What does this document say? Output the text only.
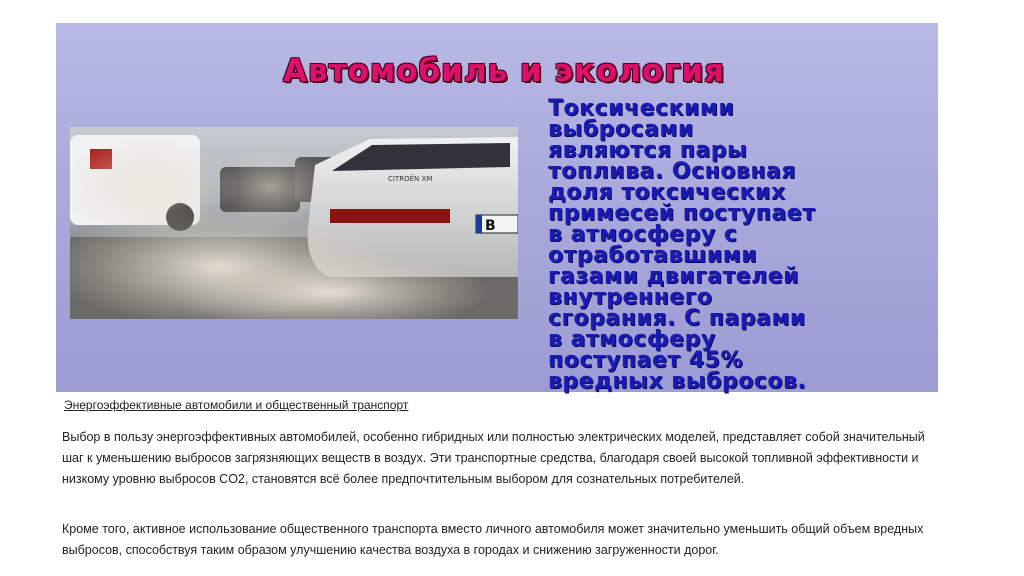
Автомобиль и экология
B
CITROËN XM
Токсическими
выбросами
являются пары
топлива. Основная
доля токсических
примесей поступает
в атмосферу с
отработавшими
газами двигателей
внутреннего
сгорания. С парами
в атмосферу
поступает 45%
вредных выбросов.
Энергоэффективные автомобили и общественный транспорт
Выбор в пользу энергоэффективных автомобилей, особенно гибридных или полностью электрических моделей, представляет собой значительный шаг к уменьшению выбросов загрязняющих веществ в воздух. Эти транспортные средства, благодаря своей высокой топливной эффективности и низкому уровню выбросов CO2, становятся всё более предпочтительным выбором для сознательных потребителей.
Кроме того, активное использование общественного транспорта вместо личного автомобиля может значительно уменьшить общий объем вредных выбросов, способствуя таким образом улучшению качества воздуха в городах и снижению загруженности дорог.
